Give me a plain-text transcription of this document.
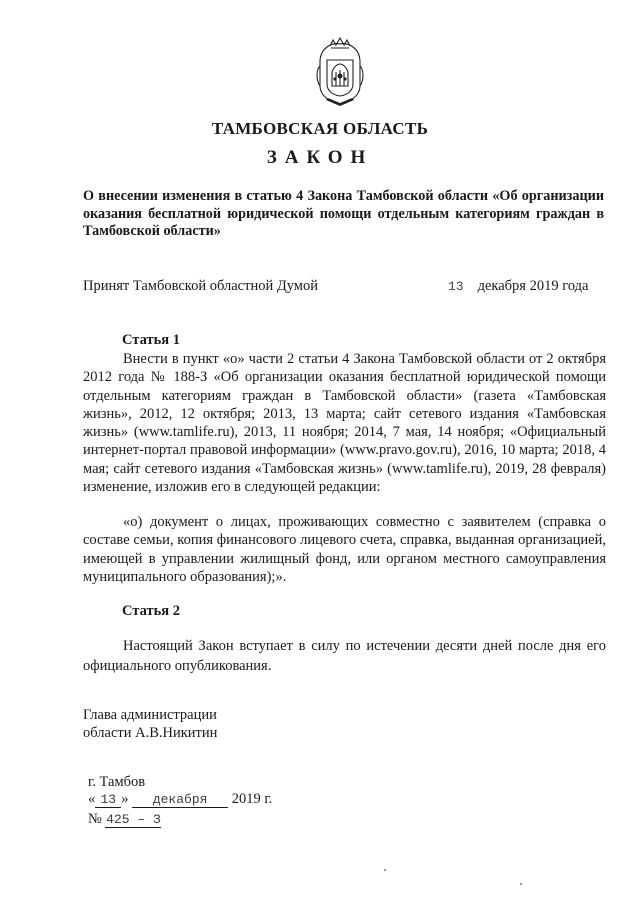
ТАМБОВСКАЯ ОБЛАСТЬ
ЗАКОН
О внесении изменения в статью 4 Закона Тамбовской области «Об организации оказания бесплатной юридической помощи отдельным категориям граждан в Тамбовской области»
Принят Тамбовской областной Думой	13 декабря 2019 года
Статья 1
Внести в пункт «о» части 2 статьи 4 Закона Тамбовской области от 2 октября 2012 года № 188-З «Об организации оказания бесплатной юридической помощи отдельным категориям граждан в Тамбовской области» (газета «Тамбовская жизнь», 2012, 12 октября; 2013, 13 марта; сайт сетевого издания «Тамбовская жизнь» (www.tamlife.ru), 2013, 11 ноября; 2014, 7 мая, 14 ноября; «Официальный интернет-портал правовой информации» (www.pravo.gov.ru), 2016, 10 марта; 2018, 4 мая; сайт сетевого издания «Тамбовская жизнь» (www.tamlife.ru), 2019, 28 февраля) изменение, изложив его в следующей редакции:
«о) документ о лицах, проживающих совместно с заявителем (справка о составе семьи, копия финансового лицевого счета, справка, выданная организацией, имеющей в управлении жилищный фонд, или органом местного самоуправления муниципального образования);».
Статья 2
Настоящий Закон вступает в силу по истечении десяти дней после дня его официального опубликования.
Глава администрации
области А.В.Никитин
г. Тамбов
« 13 » декабря 2019 г.
№ 425 – З
